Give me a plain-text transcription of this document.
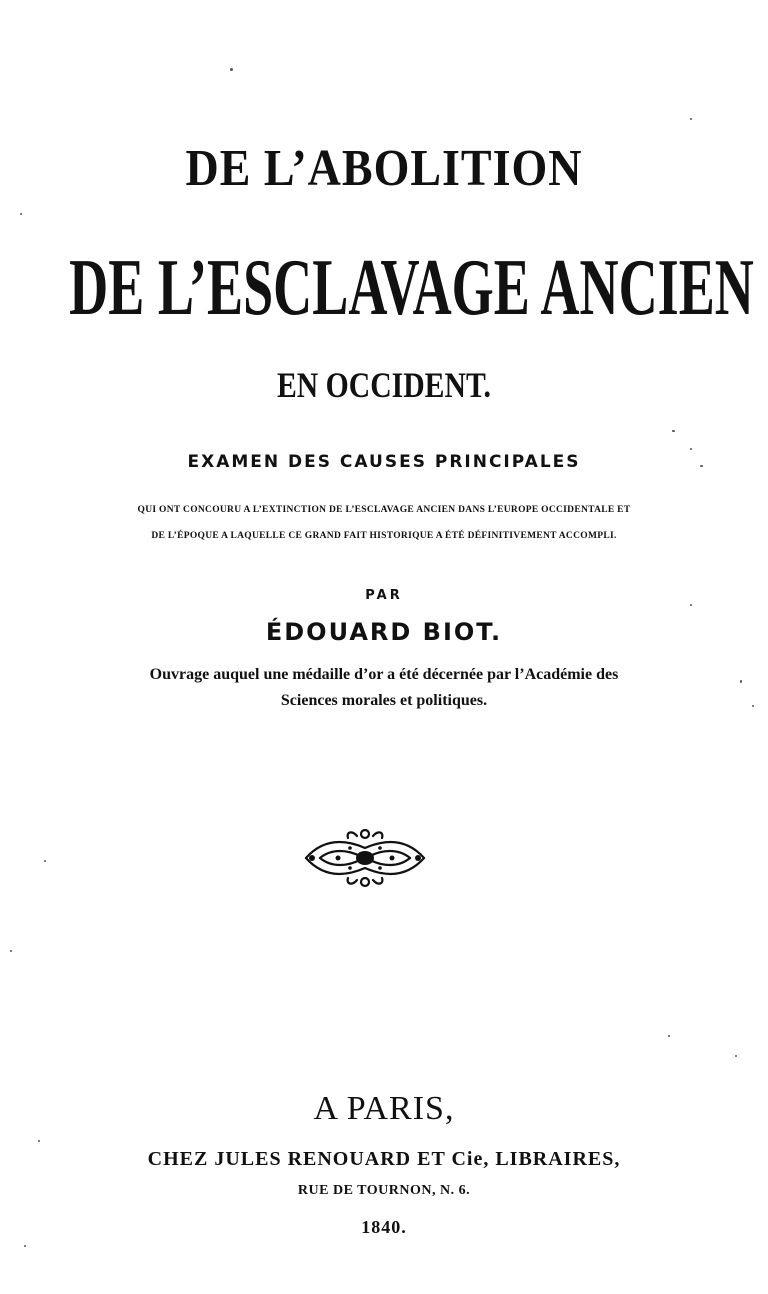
DE L’ABOLITION
DE L’ESCLAVAGE ANCIEN
EN OCCIDENT.
EXAMEN DES CAUSES PRINCIPALES
QUI ONT CONCOURU A L’EXTINCTION DE L’ESCLAVAGE ANCIEN DANS L’EUROPE OCCIDENTALE ET
DE L’ÉPOQUE A LAQUELLE CE GRAND FAIT HISTORIQUE A ÉTÉ DÉFINITIVEMENT ACCOMPLI.
PAR
ÉDOUARD BIOT.
Ouvrage auquel une médaille d’or a été décernée par l’Académie des
Sciences morales et politiques.
A PARIS,
CHEZ JULES RENOUARD ET Cie, LIBRAIRES,
RUE DE TOURNON, N. 6.
1840.
